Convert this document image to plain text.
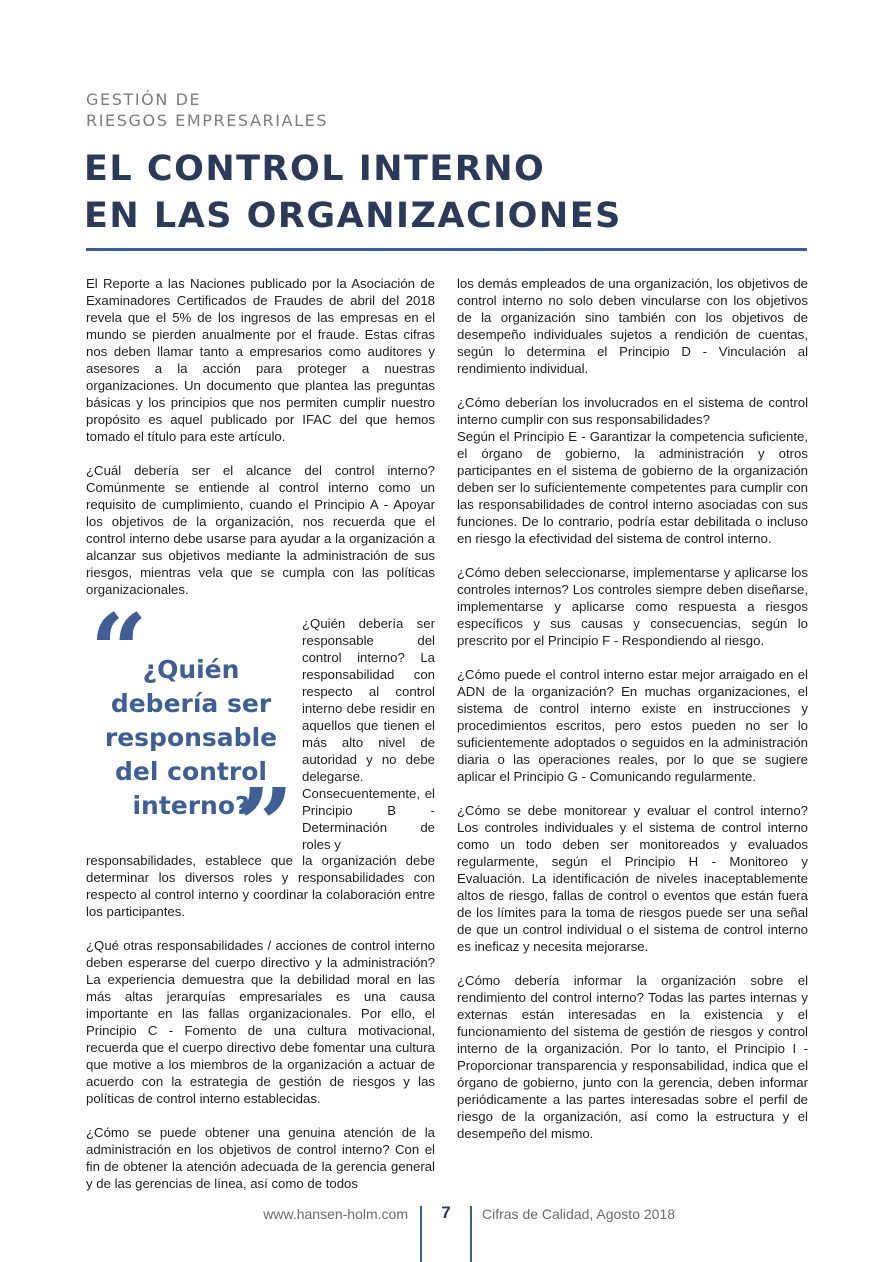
GESTIÓN DE
RIESGOS EMPRESARIALES
EL CONTROL INTERNO
EN LAS ORGANIZACIONES

El Reporte a las Naciones publicado por la Asociación de Examinadores Certificados de Fraudes de abril del 2018 revela que el 5% de los ingresos de las empresas en el mundo se pierden anualmente por el fraude. Estas cifras nos deben llamar tanto a empresarios como auditores y asesores a la acción para proteger a nuestras organizaciones. Un documento que plantea las preguntas básicas y los principios que nos permiten cumplir nuestro propósito es aquel publicado por IFAC del que hemos tomado el título para este artículo.

¿Cuál debería ser el alcance del control interno? Comúnmente se entiende al control interno como un requisito de cumplimiento, cuando el Principio A - Apoyar los objetivos de la organización, nos recuerda que el control interno debe usarse para ayudar a la organización a alcanzar sus objetivos mediante la administración de sus riesgos, mientras vela que se cumpla con las políticas organizacionales.

“
¿Quién
debería ser
responsable
del control
interno?
”
¿Quién debería ser responsable del control interno? La responsabilidad con respecto al control interno debe residir en aquellos que tienen el más alto nivel de autoridad y no debe delegarse. Consecuentemente, el Principio B - Determinación de roles y

responsabilidades, establece que la organización debe determinar los diversos roles y responsabilidades con respecto al control interno y coordinar la colaboración entre los participantes.

¿Qué otras responsabilidades / acciones de control interno deben esperarse del cuerpo directivo y la administración? La experiencia demuestra que la debilidad moral en las más altas jerarquías empresariales es una causa importante en las fallas organizacionales. Por ello, el Principio C - Fomento de una cultura motivacional, recuerda que el cuerpo directivo debe fomentar una cultura que motive a los miembros de la organización a actuar de acuerdo con la estrategia de gestión de riesgos y las políticas de control interno establecidas.

¿Cómo se puede obtener una genuina atención de la administración en los objetivos de control interno? Con el fin de obtener la atención adecuada de la gerencia general y de las gerencias de línea, así como de todos

los demás empleados de una organización, los objetivos de control interno no solo deben vincularse con los objetivos de la organización sino también con los objetivos de desempeño individuales sujetos a rendición de cuentas, según lo determina el Principio D - Vinculación al rendimiento individual.

¿Cómo deberían los involucrados en el sistema de control interno cumplir con sus responsabilidades?

Según el Principio E - Garantizar la competencia suficiente, el órgano de gobierno, la administración y otros participantes en el sistema de gobierno de la organización deben ser lo suficientemente competentes para cumplir con las responsabilidades de control interno asociadas con sus funciones. De lo contrario, podría estar debilitada o incluso en riesgo la efectividad del sistema de control interno.

¿Cómo deben seleccionarse, implementarse y aplicarse los controles internos? Los controles siempre deben diseñarse, implementarse y aplicarse como respuesta a riesgos específicos y sus causas y consecuencias, según lo prescrito por el Principio F - Respondiendo al riesgo.

¿Cómo puede el control interno estar mejor arraigado en el ADN de la organización? En muchas organizaciones, el sistema de control interno existe en instrucciones y procedimientos escritos, pero estos pueden no ser lo suficientemente adoptados o seguidos en la administración diaria o las operaciones reales, por lo que se sugiere aplicar el Principio G - Comunicando regularmente.

¿Cómo se debe monitorear y evaluar el control interno? Los controles individuales y el sistema de control interno como un todo deben ser monitoreados y evaluados regularmente, según el Principio H - Monitoreo y Evaluación. La identificación de niveles inaceptablemente altos de riesgo, fallas de control o eventos que están fuera de los límites para la toma de riesgos puede ser una señal de que un control individual o el sistema de control interno es ineficaz y necesita mejorarse.

¿Cómo debería informar la organización sobre el rendimiento del control interno? Todas las partes internas y externas están interesadas en la existencia y el funcionamiento del sistema de gestión de riesgos y control interno de la organización. Por lo tanto, el Principio I - Proporcionar transparencia y responsabilidad, indica que el órgano de gobierno, junto con la gerencia, deben informar periódicamente a las partes interesadas sobre el perfil de riesgo de la organización, así como la estructura y el desempeño del mismo.

www.hansen-holm.com	7	Cifras de Calidad, Agosto 2018
